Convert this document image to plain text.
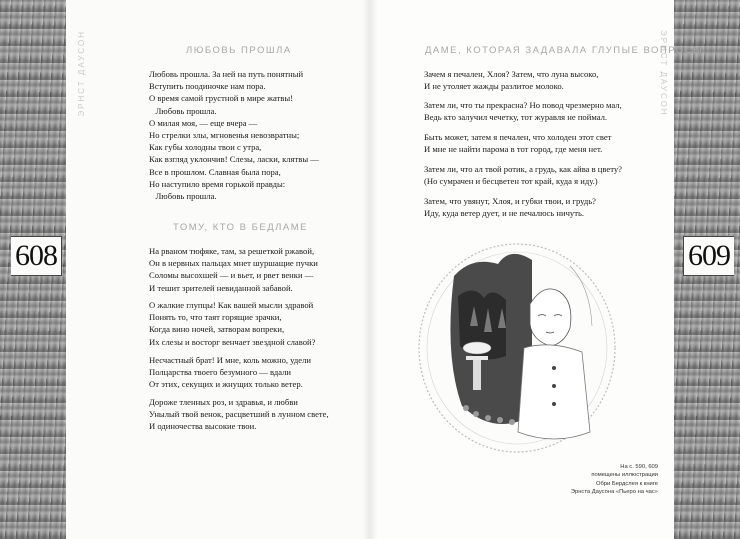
ЭРНСТ ДАУСОН	ЭРНСТ ДАУСОН
608	609
ЛЮБОВЬ ПРОШЛА
Любовь прошла. За ней на путь понятный
Вступить поодиночке нам пора.
О время самой грустной в мире жатвы!
Любовь прошла.
О милая моя, — еще вчера —
Но стрелки злы, мгновенья невозвратны;
Как губы холодны твои с утра,
Как взгляд уклончив! Слезы, ласки, клятвы —
Все в прошлом. Славная была пора,
Но наступило время горькой правды:
Любовь прошла.
ТОМУ, КТО В БЕДЛАМЕ
На рваном тюфяке, там, за решеткой ржавой,
Он в нервных пальцах мнет шуршащие пучки
Соломы высохшей — и вьет, и рвет венки —
И тешит зрителей невиданной забавой.
О жалкие глупцы! Как вашей мысли здравой
Понять то, что таят горящие зрачки,
Когда вино ночей, затворам вопреки,
Их слезы и восторг венчает звездной славой?
Несчастный брат! И мне, коль можно, удели
Полцарства твоего безумного — вдали
От этих, секущих и жнущих только ветер.
Дороже тленных роз, и здравья, и любви
Унылый твой венок, расцветший в лунном свете,
И одиночества высокие твои.
ДАМЕ, КОТОРАЯ ЗАДАВАЛА ГЛУПЫЕ ВОПРОСЫ
Зачем я печален, Хлоя? Затем, что луна высоко,
И не утоляет жажды разлитое молоко.
Затем ли, что ты прекрасна? Но повод чрезмерно мал,
Ведь кто залучил чечетку, тот журавля не поймал.
Быть может, затем я печален, что холоден этот свет
И мне не найти парома в тот город, где меня нет.
Затем ли, что ал твой ротик, а грудь, как айва в цвету?
(Но сумрачен и бесцветен тот край, куда я иду.)
Затем, что увянут, Хлоя, и губки твои, и грудь?
Иду, куда ветер дует, и не печалюсь ничуть.
На с. 590, 609
помещены иллюстрации
Обри Бердслея к книге
Эрнста Даусона «Пьеро на час»
